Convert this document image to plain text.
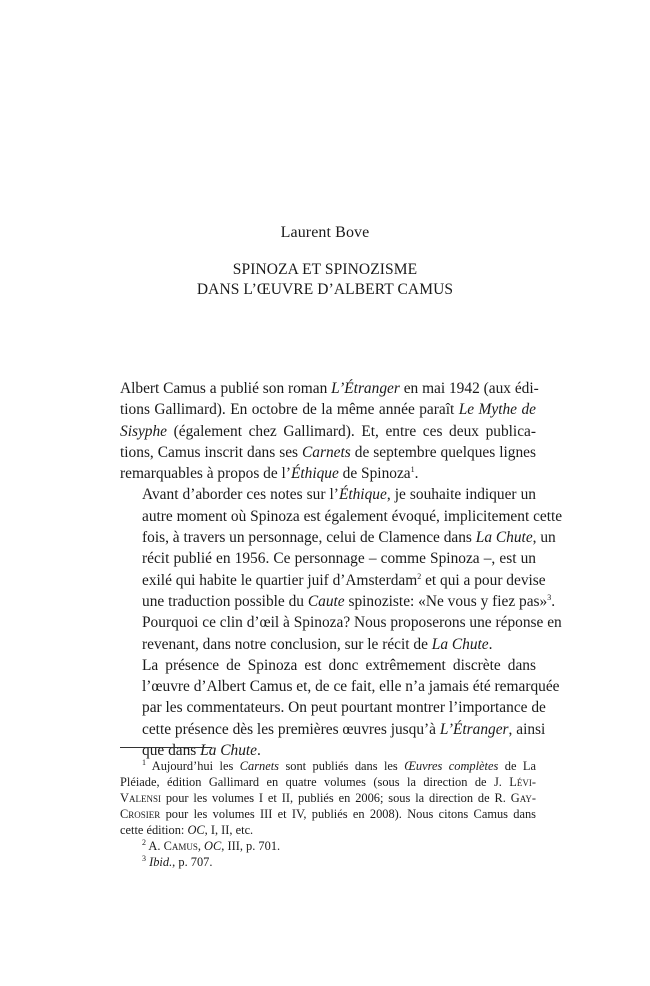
Laurent Bove
SPINOZA ET SPINOZISME
DANS L’ŒUVRE D’ALBERT CAMUS

Albert Camus a publié son roman L’Étranger en mai 1942 (aux édi-
tions Gallimard). En octobre de la même année paraît Le Mythe de
Sisyphe (également chez Gallimard). Et, entre ces deux publica-
tions, Camus inscrit dans ses Carnets de septembre quelques lignes
remarquables à propos de l’Éthique de Spinoza$^1$.

Avant d’aborder ces notes sur l’Éthique, je souhaite indiquer un
autre moment où Spinoza est également évoqué, implicitement cette
fois, à travers un personnage, celui de Clamence dans La Chute, un
récit publié en 1956. Ce personnage – comme Spinoza –, est un
exilé qui habite le quartier juif d’Amsterdam$^2$ et qui a pour devise
une traduction possible du Caute spinoziste: «Ne vous y fiez pas»$^3$.
Pourquoi ce clin d’œil à Spinoza? Nous proposerons une réponse en
revenant, dans notre conclusion, sur le récit de La Chute.

La présence de Spinoza est donc extrêmement discrète dans
l’œuvre d’Albert Camus et, de ce fait, elle n’a jamais été remarquée
par les commentateurs. On peut pourtant montrer l’importance de
cette présence dès les premières œuvres jusqu’à L’Étranger, ainsi
que dans La Chute.

$^1$ Aujourd’hui les Carnets sont publiés dans les Œuvres complètes de La
Pléiade, édition Gallimard en quatre volumes (sous la direction de J. Lévi-
Valensi pour les volumes I et II, publiés en 2006; sous la direction de R. Gay-
Crosier pour les volumes III et IV, publiés en 2008). Nous citons Camus dans
cette édition: OC, I, II, etc.
$^2$ A. Camus, OC, III, p. 701.
$^3$ Ibid., p. 707.
